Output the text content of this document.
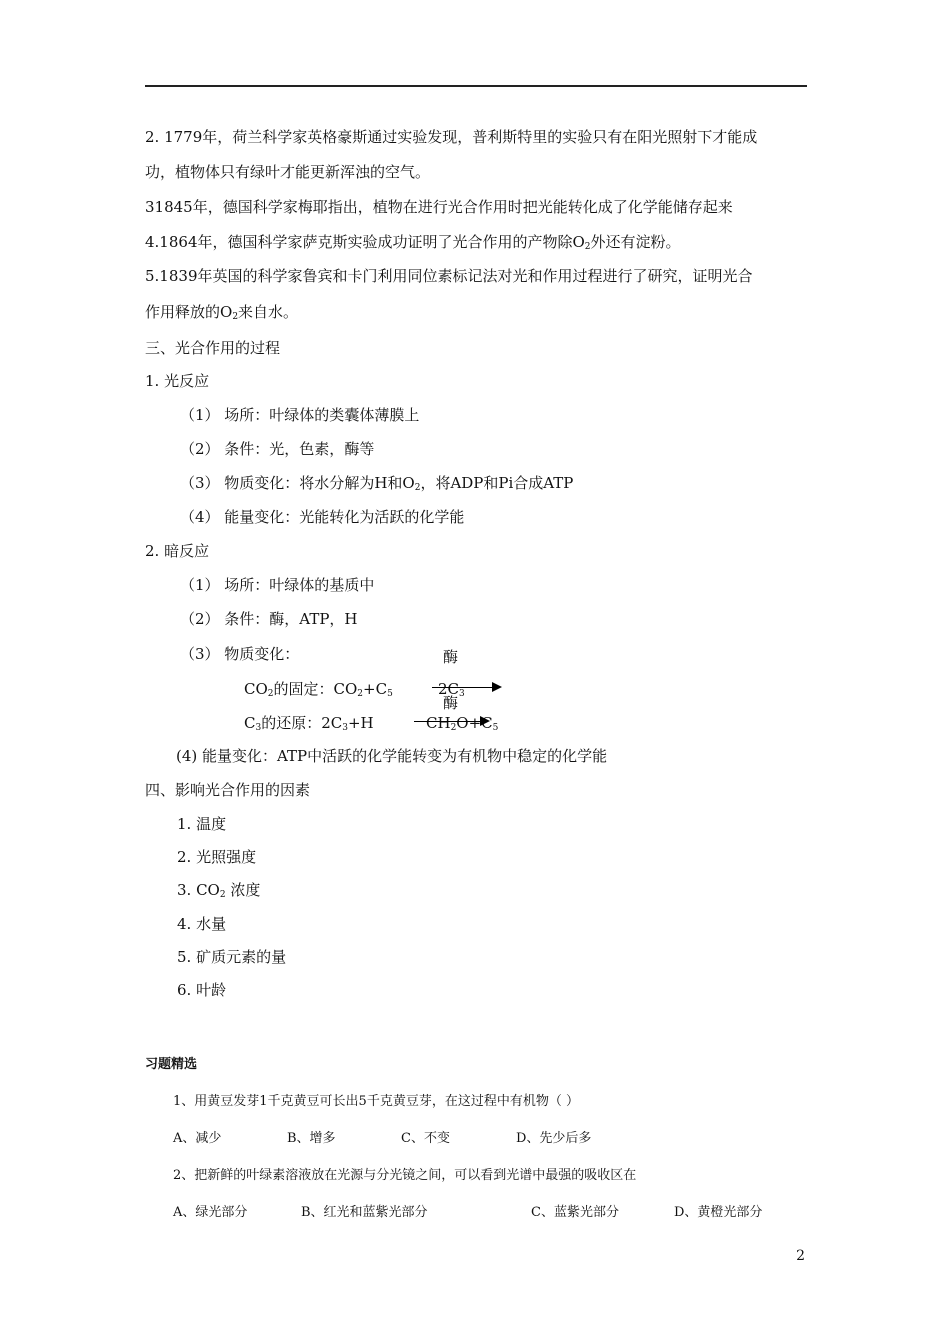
2. 1779年，荷兰科学家英格豪斯通过实验发现，普利斯特里的实验只有在阳光照射下才能成
功，植物体只有绿叶才能更新浑浊的空气。
31845年，德国科学家梅耶指出，植物在进行光合作用时把光能转化成了化学能储存起来
4.1864年，德国科学家萨克斯实验成功证明了光合作用的产物除$O_2$外还有淀粉。
5.1839年英国的科学家鲁宾和卡门利用同位素标记法对光和作用过程进行了研究，证明光合
作用释放的$O_2$来自水。
三、光合作用的过程
1. 光反应
（1） 场所：叶绿体的类囊体薄膜上
（2） 条件：光，色素，酶等
（3） 物质变化：将水分解为H和$O_2$，将ADP和Pi合成ATP
（4） 能量变化：光能转化为活跃的化学能
2. 暗反应
（1） 场所：叶绿体的基质中
（2） 条件：酶，ATP，H
（3） 物质变化：	酶
$CO_2$的固定：$CO_2+C_5$	$2C_3$
酶
$C_3$的还原：$2C_3+H$	$CH_2O+C_5$
(4) 能量变化：ATP中活跃的化学能转变为有机物中稳定的化学能
四、影响光合作用的因素
1. 温度
2. 光照强度
3. $CO_2$ 浓度
4. 水量
5. 矿质元素的量
6. 叶龄
习题精选
1、用黄豆发芽1千克黄豆可长出5千克黄豆芽，在这过程中有机物（ ）
A、减少	B、增多	C、不变	D、先少后多
2、把新鲜的叶绿素溶液放在光源与分光镜之间，可以看到光谱中最强的吸收区在
A、绿光部分	B、红光和蓝紫光部分	C、蓝紫光部分	D、黄橙光部分
2
